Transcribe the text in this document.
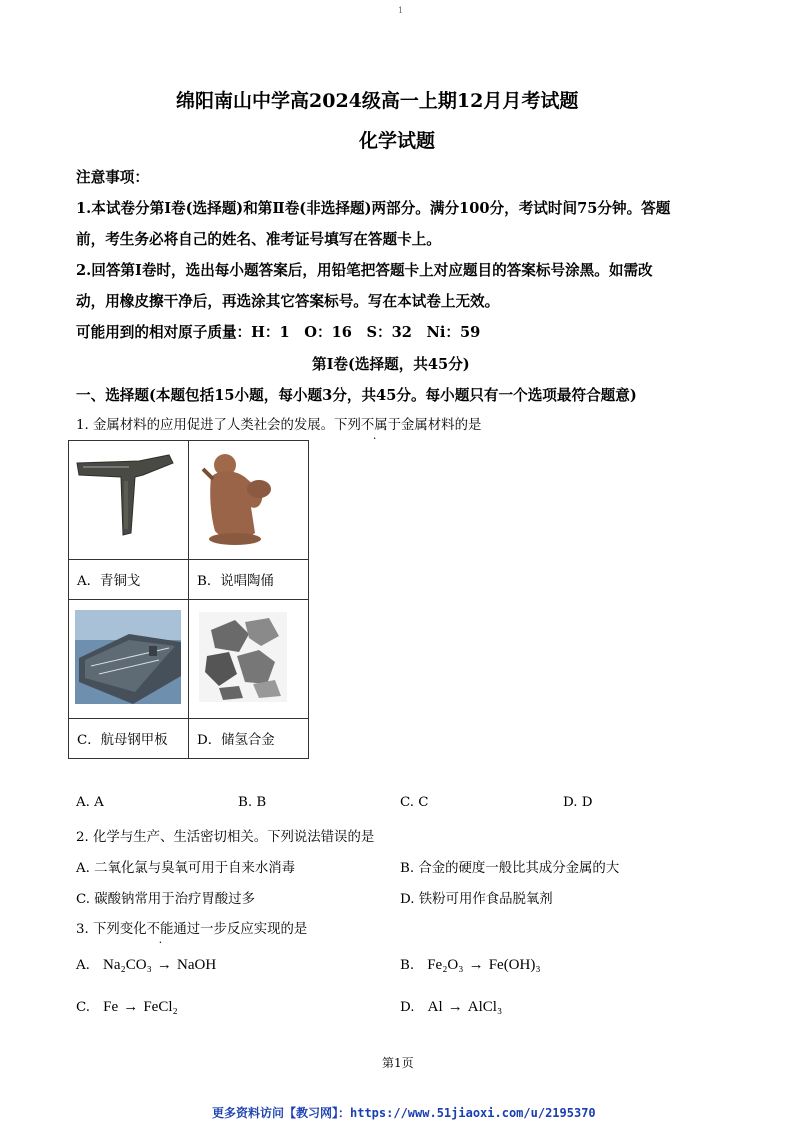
1
绵阳南山中学高2024级高一上期12月月考试题
化学试题
注意事项：
1.本试卷分第Ⅰ卷(选择题)和第Ⅱ卷(非选择题)两部分。满分100分，考试时间75分钟。答题
前，考生务必将自己的姓名、准考证号填写在答题卡上。
2.回答第Ⅰ卷时，选出每小题答案后，用铅笔把答题卡上对应题目的答案标号涂黑。如需改
动，用橡皮擦干净后，再选涂其它答案标号。写在本试卷上无效。
可能用到的相对原子质量：H：1　O：16　S：32　Ni：59
第Ⅰ卷(选择题，共45分)
一、选择题(本题包括15小题，每小题3分，共45分。每小题只有一个选项最符合题意)
1. 金属材料的应用促进了人类社会的发展。下列不属于金属材料的是

A．青铜戈	B．说唱陶俑

C．航母钢甲板	D．储氢合金
A. A	B. B	C. C	D. D
2. 化学与生产、生活密切相关。下列说法错误的是
A. 二氧化氯与臭氧可用于自来水消毒	B. 合金的硬度一般比其成分金属的大
C. 碳酸钠常用于治疗胃酸过多	D. 铁粉可用作食品脱氧剂
3. 下列变化不能通过一步反应实现的是
A. Na₂CO₃ → NaOH	B. Fe₂O₃ → Fe(OH)₃
C. Fe → FeCl₂	D. Al → AlCl₃
第1页
更多资料访问【教习网】：https://www.51jiaoxi.com/u/2195370
